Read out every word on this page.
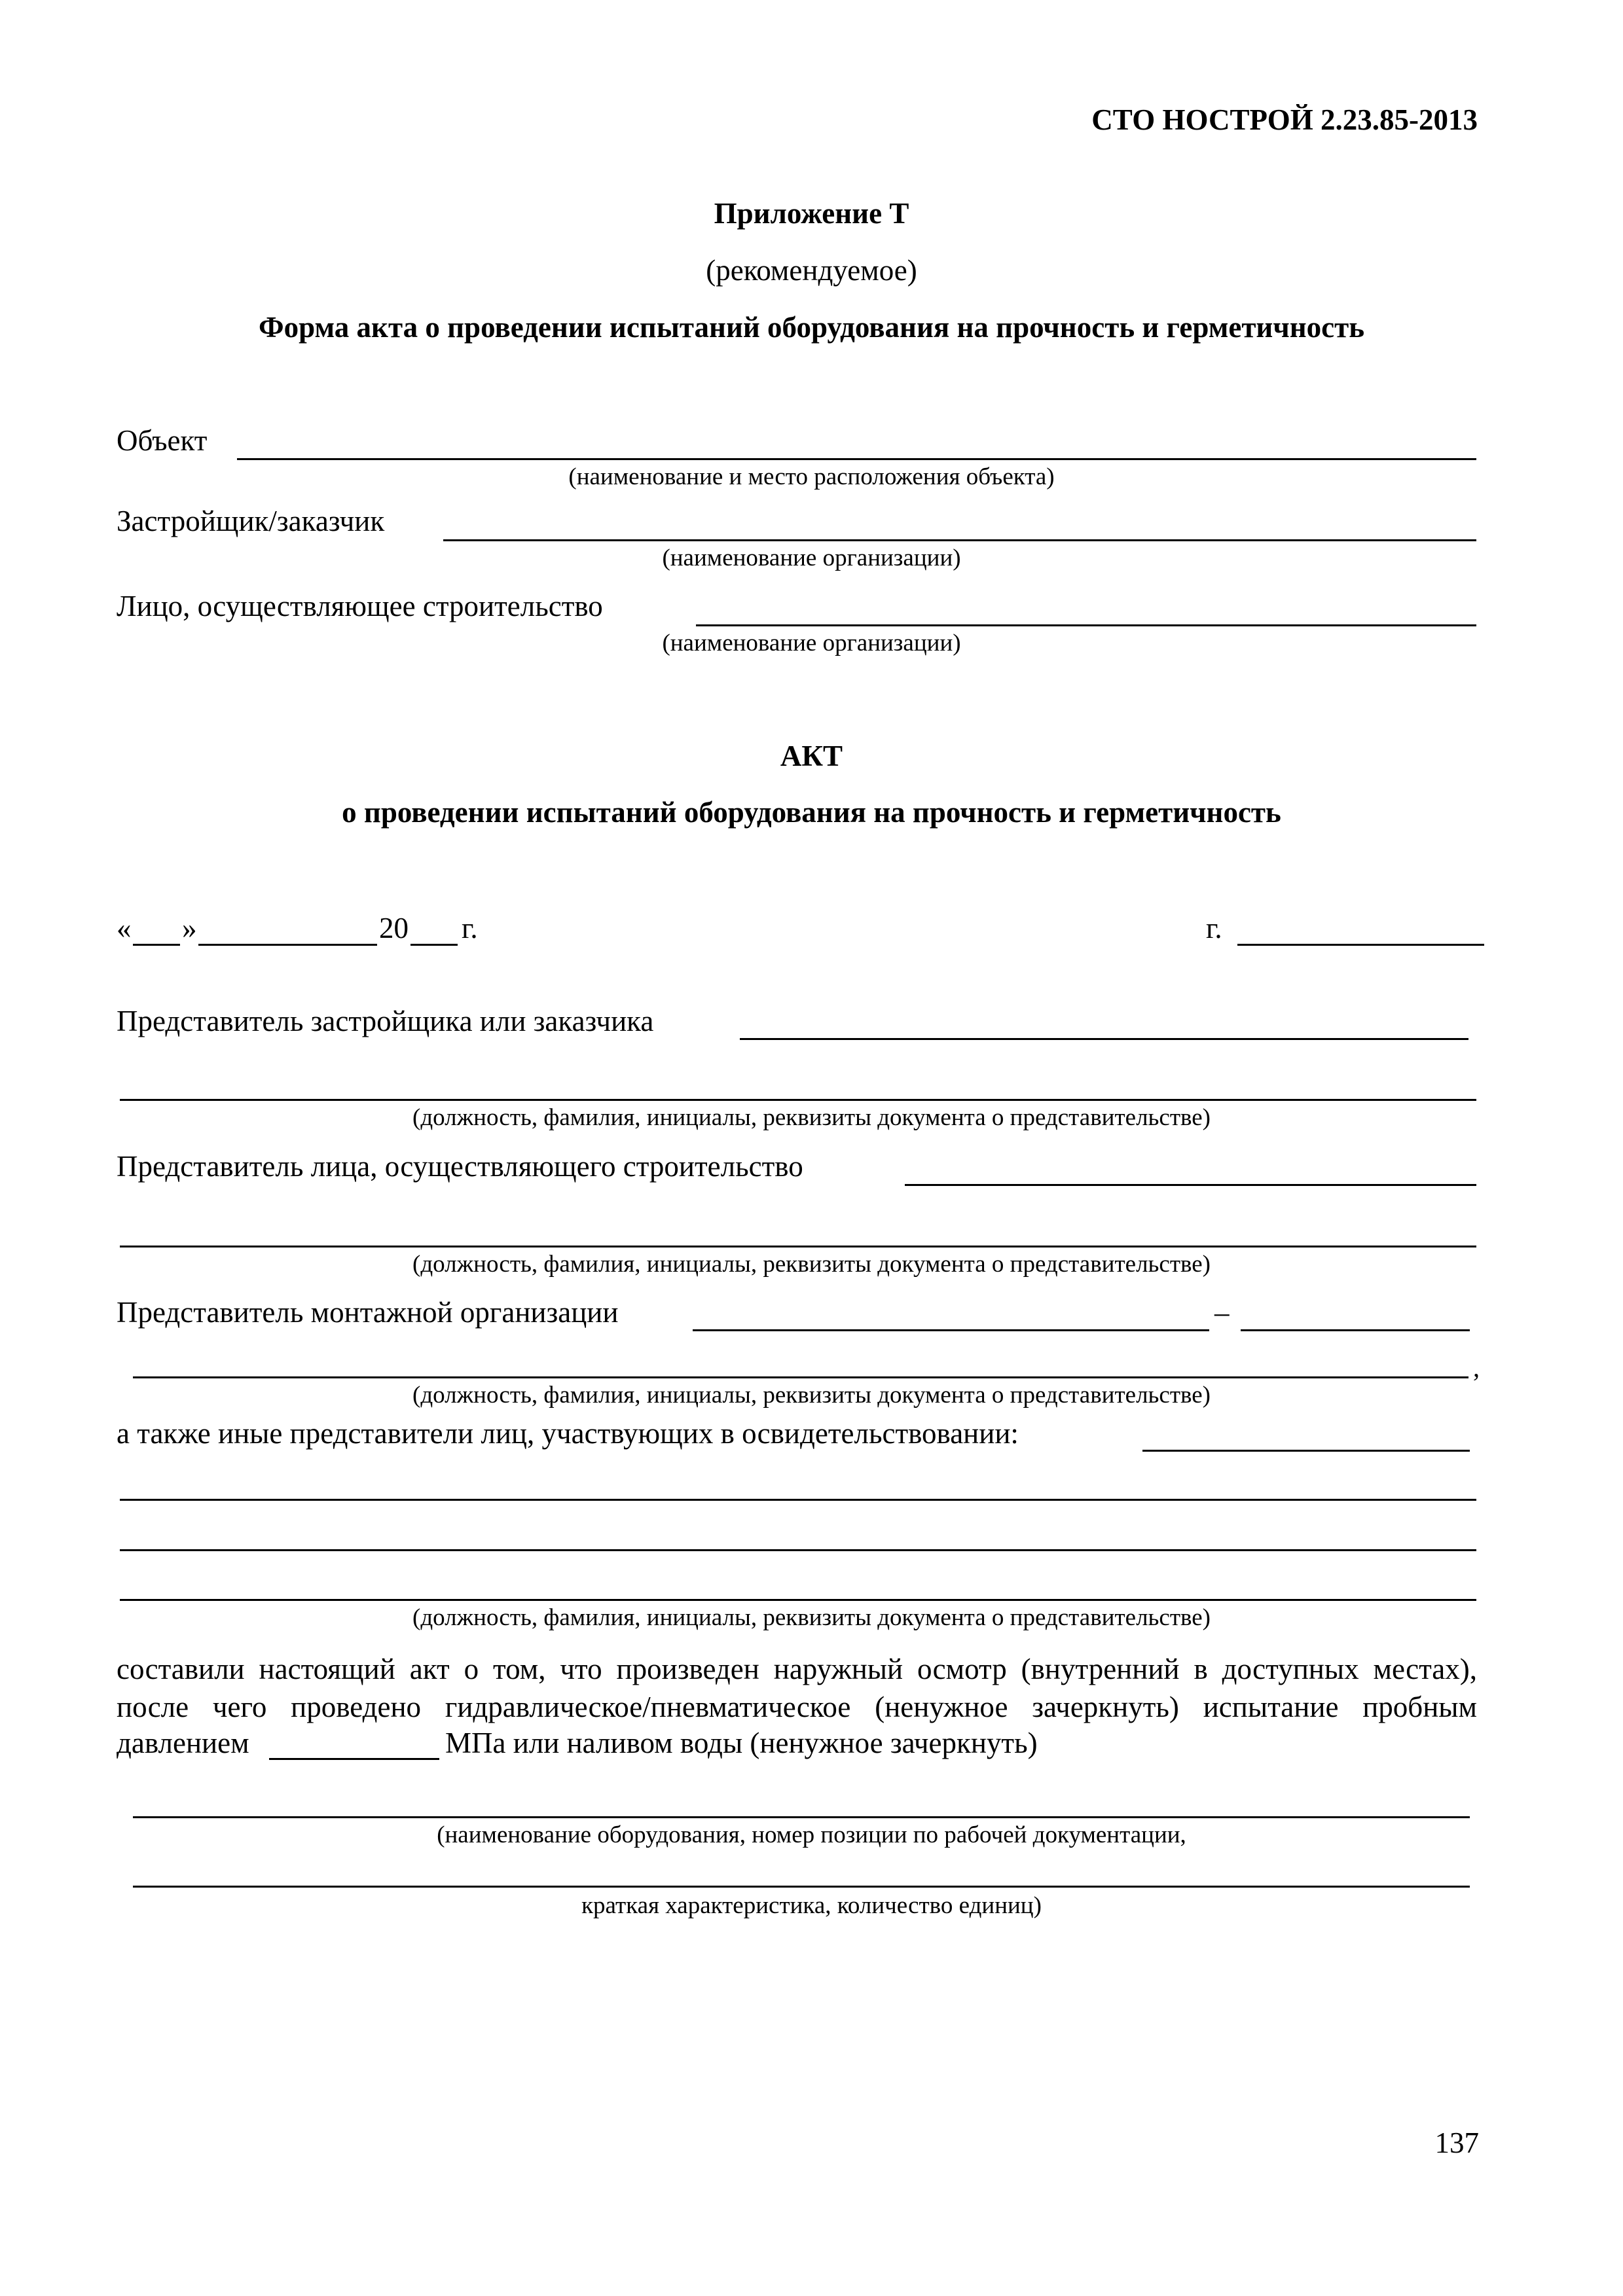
СТО НОСТРОЙ 2.23.85-2013
Приложение Т
(рекомендуемое)
Форма акта о проведении испытаний оборудования на прочность и герметичность
Объект
(наименование и место расположения объекта)
Застройщик/заказчик
(наименование организации)
Лицо, осуществляющее строительство
(наименование организации)
АКТ
о проведении испытаний оборудования на прочность и герметичность
« »	20 г.	г.
Представитель застройщика или заказчика
(должность, фамилия, инициалы, реквизиты документа о представительстве)
Представитель лица, осуществляющего строительство
(должность, фамилия, инициалы, реквизиты документа о представительстве)
Представитель монтажной организации	–
,
(должность, фамилия, инициалы, реквизиты документа о представительстве)
а также иные представители лиц, участвующих в освидетельствовании:
(должность, фамилия, инициалы, реквизиты документа о представительстве)
составили настоящий акт о том, что произведен наружный осмотр (внутренний в доступных местах),
после чего проведено гидравлическое/пневматическое (ненужное зачеркнуть) испытание пробным
давлением	МПа или наливом воды (ненужное зачеркнуть)
(наименование оборудования, номер позиции по рабочей документации,
краткая характеристика, количество единиц)
137
